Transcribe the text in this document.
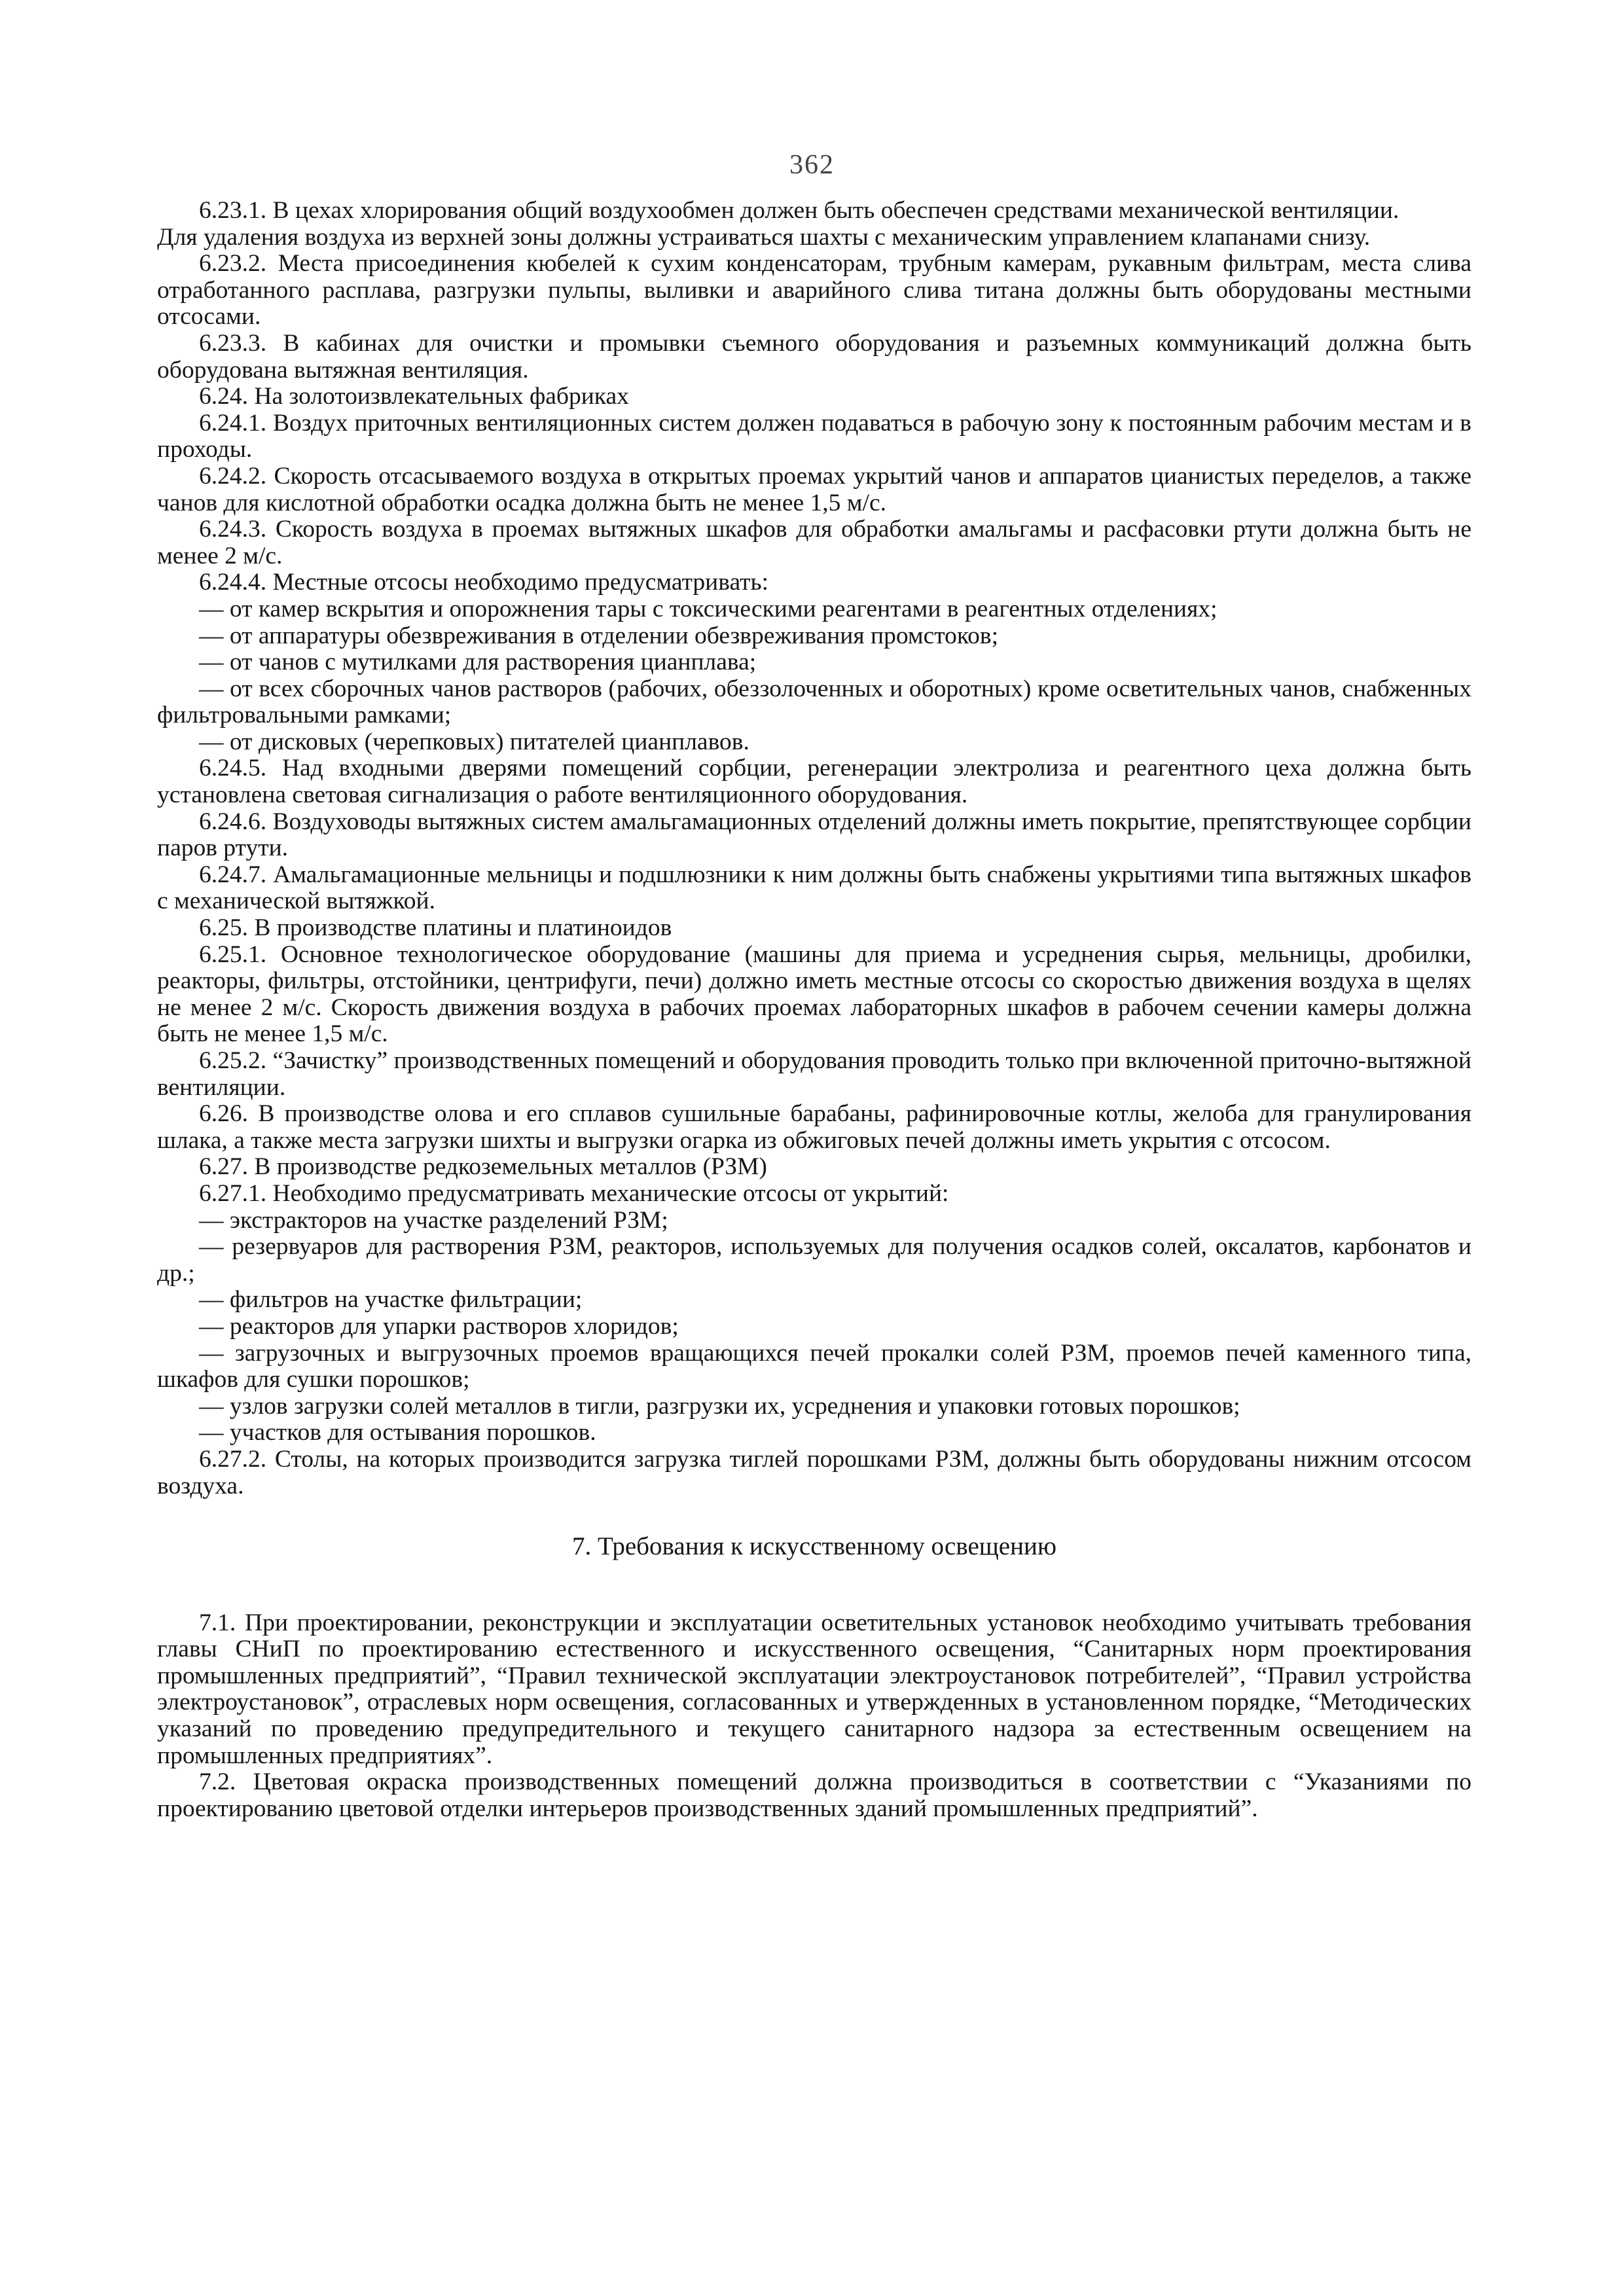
362

6.23.1. В цехах хлорирования общий воздухообмен должен быть обеспечен средствами механической вентиляции.

Для удаления воздуха из верхней зоны должны устраиваться шахты с механическим управлением клапанами снизу.

6.23.2. Места присоединения кюбелей к сухим конденсаторам, трубным камерам, рукавным фильтрам, места слива отработанного расплава, разгрузки пульпы, выливки и аварийного слива титана должны быть оборудованы местными отсосами.

6.23.3. В кабинах для очистки и промывки съемного оборудования и разъемных коммуникаций должна быть оборудована вытяжная вентиляция.

6.24. На золотоизвлекательных фабриках

6.24.1. Воздух приточных вентиляционных систем должен подаваться в рабочую зону к постоянным рабочим местам и в проходы.

6.24.2. Скорость отсасываемого воздуха в открытых проемах укрытий чанов и аппаратов цианистых переделов, а также чанов для кислотной обработки осадка должна быть не менее 1,5 м/с.

6.24.3. Скорость воздуха в проемах вытяжных шкафов для обработки амальгамы и расфасовки ртути должна быть не менее 2 м/с.

6.24.4. Местные отсосы необходимо предусматривать:

— от камер вскрытия и опорожнения тары с токсическими реагентами в реагентных отделениях;

— от аппаратуры обезвреживания в отделении обезвреживания промстоков;

— от чанов с мутилками для растворения цианплава;

— от всех сборочных чанов растворов (рабочих, обеззолоченных и оборотных) кроме осветительных чанов, снабженных фильтровальными рамками;

— от дисковых (черепковых) питателей цианплавов.

6.24.5. Над входными дверями помещений сорбции, регенерации электролиза и реагентного цеха должна быть установлена световая сигнализация о работе вентиляционного оборудования.

6.24.6. Воздуховоды вытяжных систем амальгамационных отделений должны иметь покрытие, препятствующее сорбции паров ртути.

6.24.7. Амальгамационные мельницы и подшлюзники к ним должны быть снабжены укрытиями типа вытяжных шкафов с механической вытяжкой.

6.25. В производстве платины и платиноидов

6.25.1. Основное технологическое оборудование (машины для приема и усреднения сырья, мельницы, дробилки, реакторы, фильтры, отстойники, центрифуги, печи) должно иметь местные отсосы со скоростью движения воздуха в щелях не менее 2 м/с. Скорость движения воздуха в рабочих проемах лабораторных шкафов в рабочем сечении камеры должна быть не менее 1,5 м/с.

6.25.2. “Зачистку” производственных помещений и оборудования проводить только при включенной приточно-вытяжной вентиляции.

6.26. В производстве олова и его сплавов сушильные барабаны, рафинировочные котлы, желоба для гранулирования шлака, а также места загрузки шихты и выгрузки огарка из обжиговых печей должны иметь укрытия с отсосом.

6.27. В производстве редкоземельных металлов (РЗМ)

6.27.1. Необходимо предусматривать механические отсосы от укрытий:

— экстракторов на участке разделений РЗМ;

— резервуаров для растворения РЗМ, реакторов, используемых для получения осадков солей, оксалатов, карбонатов и др.;

— фильтров на участке фильтрации;

— реакторов для упарки растворов хлоридов;

— загрузочных и выгрузочных проемов вращающихся печей прокалки солей РЗМ, проемов печей каменного типа, шкафов для сушки порошков;

— узлов загрузки солей металлов в тигли, разгрузки их, усреднения и упаковки готовых порошков;

— участков для остывания порошков.

6.27.2. Столы, на которых производится загрузка тиглей порошками РЗМ, должны быть оборудованы нижним отсосом воздуха.

7. Требования к искусственному освещению

7.1. При проектировании, реконструкции и эксплуатации осветительных установок необходимо учитывать требования главы СНиП по проектированию естественного и искусственного освещения, “Санитарных норм проектирования промышленных предприятий”, “Правил технической эксплуатации электроустановок потребителей”, “Правил устройства электроустановок”, отраслевых норм освещения, согласованных и утвержденных в установленном порядке, “Методических указаний по проведению предупредительного и текущего санитарного надзора за естественным освещением на промышленных предприятиях”.

7.2. Цветовая окраска производственных помещений должна производиться в соответствии с “Указаниями по проектированию цветовой отделки интерьеров производственных зданий промышленных предприятий”.
